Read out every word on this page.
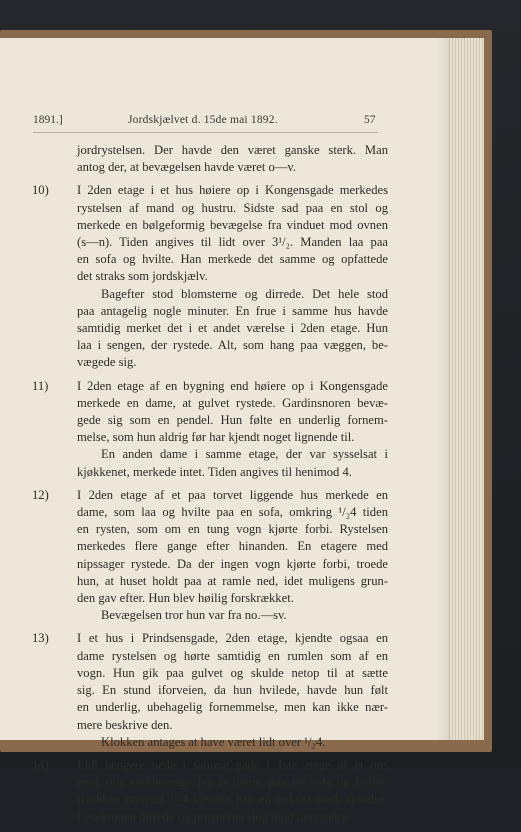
1891.]	Jordskjælvet d. 15de mai 1892.	57
jordrystelsen. Der havde den været ganske sterk. Man
antog der, at bevægelsen havde været o—v.
10) I 2den etage i et hus høiere op i Kongensgade merkedes
rystelsen af mand og hustru. Sidste sad paa en stol og
merkede en bølgeformig bevægelse fra vinduet mod ovnen
(s—n). Tiden angives til lidt over 3¹/₂. Manden laa paa
en sofa og hvilte. Han merkede det samme og opfattede
det straks som jordskjælv.
Bagefter stod blomsterne og dirrede. Det hele stod
paa antagelig nogle minuter. En frue i samme hus havde
samtidig merket det i et andet værelse i 2den etage. Hun
laa i sengen, der rystede. Alt, som hang paa væggen, be-
vægede sig.
11) I 2den etage af en bygning end høiere op i Kongensgade
merkede en dame, at gulvet rystede. Gardinsnoren bevæ-
gede sig som en pendel. Hun følte en underlig fornem-
melse, som hun aldrig før har kjendt noget lignende til.
En anden dame i samme etage, der var sysselsat i
kjøkkenet, merkede intet. Tiden angives til henimod 4.
12) I 2den etage af et paa torvet liggende hus merkede en
dame, som laa og hvilte paa en sofa, omkring ¹/₂4 tiden
en rysten, som om en tung vogn kjørte forbi. Rystelsen
merkedes flere gange efter hinanden. En etagere med
nipssager rystede. Da der ingen vogn kjørte forbi, troede
hun, at huset holdt paa at ramle ned, idet muligens grun-
den gav efter. Hun blev høilig forskrækket.
Bevægelsen tror hun var fra no.—sv.
13) I et hus i Prindsensgade, 2den etage, kjendte ogsaa en
dame rystelsen og hørte samtidig en rumlen som af en
vogn. Hun gik paa gulvet og skulde netop til at sætte
sig. En stund iforveien, da hun hvilede, havde hun følt
en underlig, ubehagelig fornemmelse, men kan ikke nær-
mere beskrive den.
Klokken antages at have været lidt over ¹/₂4.
14) Lidt længere nede i samme gade i 1ste etage af et hus
med stor kjelderetage laa en herre paa en sofa og hvilte.
Klokken omtrent ¹/₂4 kjendte han en noksaa sterk rystelse.
Lysekronen dirrede og prismerne slog mod hverandre.
